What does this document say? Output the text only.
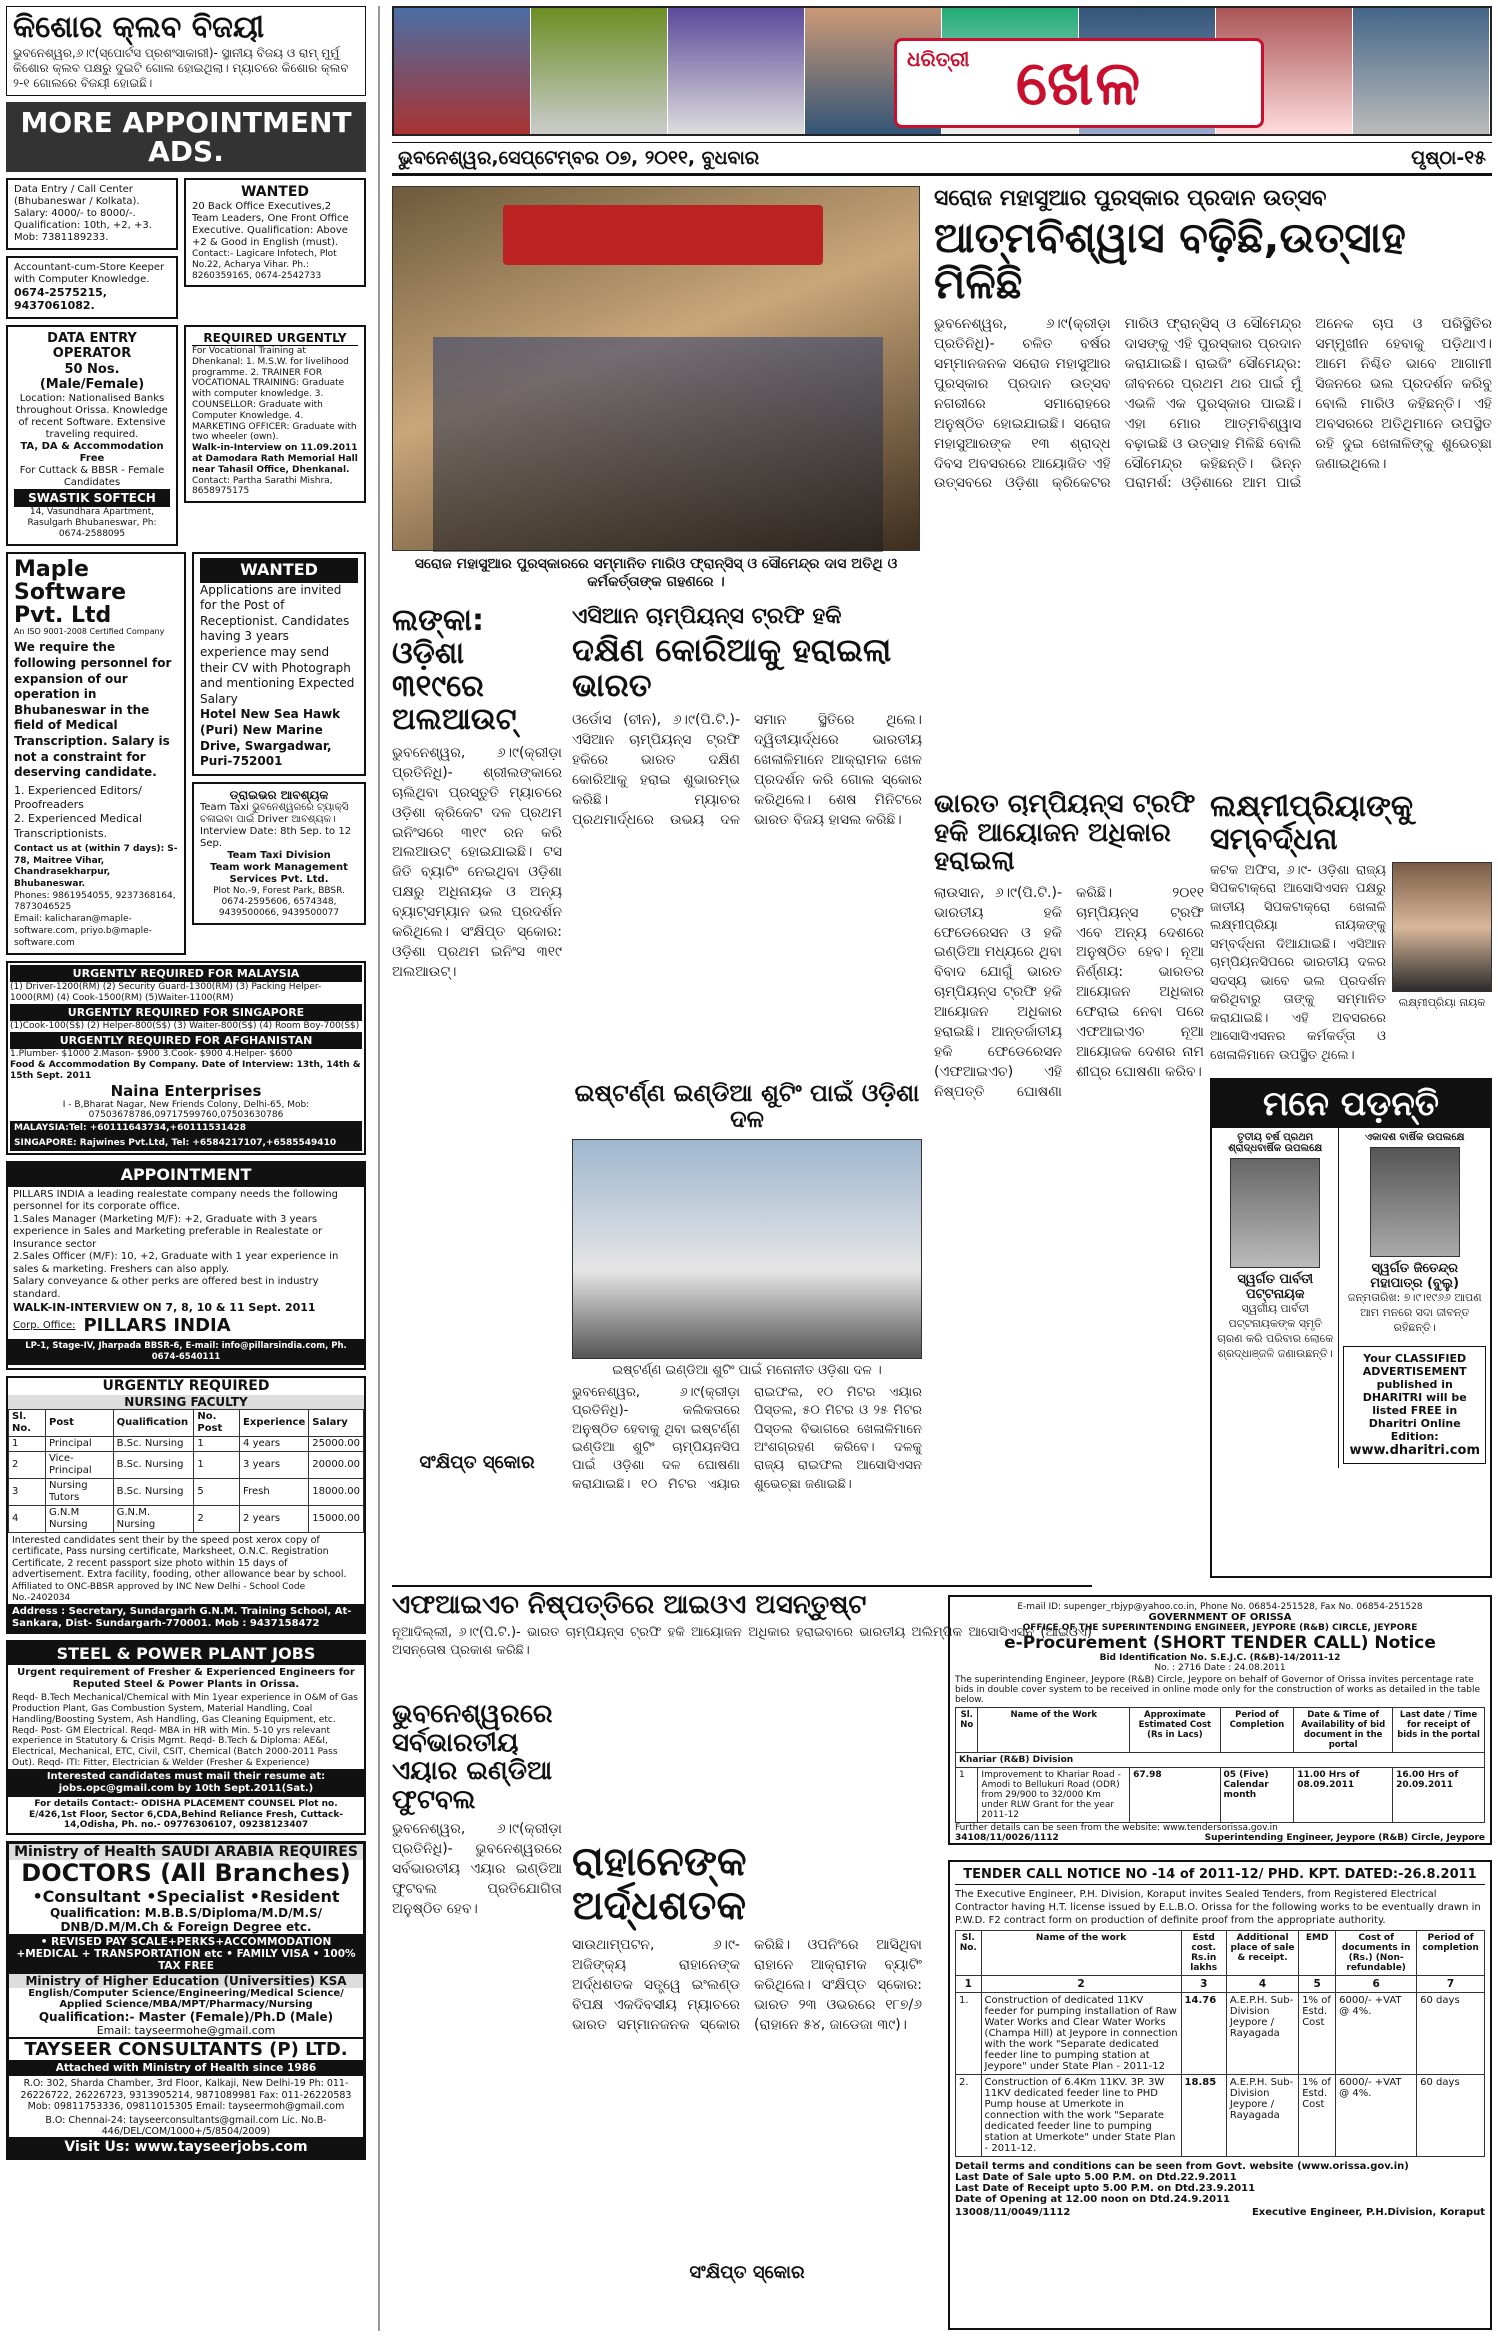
କିଶୋର କ୍ଲବ ବିଜୟୀ
ଭୁବନେଶ୍ୱର,୬।୯(ସ୍ପୋର୍ଟସ ପ୍ରଶଂସାକାରୀ)- ସ୍ଥାନୀୟ ବିଜୟ ଓ ରାମ୍ ମୁର୍ମୁ କିଶୋର କ୍ଲବ ପକ୍ଷରୁ ଦୁଇଟି ଗୋଲ ହୋଇଥିଲା। ମ୍ୟାଚରେ କିଶୋର କ୍ଲବ ୨-୧ ଗୋଲରେ ବିଜୟୀ ହୋଇଛି।
MORE APPOINTMENT ADS.
Data Entry / Call Center (Bhubaneswar / Kolkata). Salary: 4000/- to 8000/-. Qualification: 10th, +2, +3. Mob: 7381189233.
Accountant-cum-Store Keeper with Computer Knowledge.
0674-2575215, 9437061082.
WANTED
20 Back Office Executives,2 Team Leaders, One Front Office Executive. Qualification: Above +2 & Good in English (must).
Contact:- Lagicare Infotech, Plot No.22, Acharya Vihar. Ph.: 8260359165, 0674-2542733
DATA ENTRY OPERATOR
50 Nos. (Male/Female)
Location: Nationalised Banks throughout Orissa. Knowledge of recent Software. Extensive traveling required.
TA, DA & Accommodation Free
For Cuttack & BBSR - Female Candidates
SWASTIK SOFTECH
14, Vasundhara Apartment, Rasulgarh Bhubaneswar, Ph: 0674-2588095
REQUIRED URGENTLY
For Vocational Training at Dhenkanal: 1. M.S.W. for livelihood programme. 2. TRAINER FOR VOCATIONAL TRAINING: Graduate with computer knowledge. 3. COUNSELLOR: Graduate with Computer Knowledge. 4. MARKETING OFFICER: Graduate with two wheeler (own).
Walk-in-Interview on 11.09.2011 at Damodara Rath Memorial Hall near Tahasil Office, Dhenkanal.
Contact: Partha Sarathi Mishra, 8658975175
Maple Software Pvt. Ltd
An ISO 9001-2008 Certified Company
We require the following personnel for expansion of our operation in Bhubaneswar in the field of Medical Transcription. Salary is not a constraint for deserving candidate.
1. Experienced Editors/ Proofreaders
2. Experienced Medical Transcriptionists.
Contact us at (within 7 days): S-78, Maitree Vihar, Chandrasekharpur, Bhubaneswar.
Phones: 9861954055, 9237368164, 7873046525
Email: kalicharan@maple-software.com, priyo.b@maple-software.com
WANTED
Applications are invited for the Post of Receptionist. Candidates having 3 years experience may send their CV with Photograph and mentioning Expected Salary
Hotel New Sea Hawk (Puri) New Marine Drive, Swargadwar, Puri-752001
ଡ୍ରାଇଭର ଆବଶ୍ୟକ
Team Taxi ଭୁବନେଶ୍ୱରରେ ଟ୍ୟାକ୍ସି ଚଳାଇବା ପାଇଁ Driver ଆବଶ୍ୟକ।
Interview Date: 8th Sep. to 12 Sep.
Team Taxi Division
Team work Management Services Pvt. Ltd.
Plot No.-9, Forest Park, BBSR. 0674-2595606, 6574348, 9439500066, 9439500077
URGENTLY REQUIRED FOR MALAYSIA
(1) Driver-1200(RM) (2) Security Guard-1300(RM) (3) Packing Helper-1000(RM) (4) Cook-1500(RM) (5)Waiter-1100(RM)
URGENTLY REQUIRED FOR SINGAPORE
(1)Cook-100(S$) (2) Helper-800(S$) (3) Waiter-800(S$) (4) Room Boy-700(S$)
URGENTLY REQUIRED FOR AFGHANISTAN
1.Plumber- $1000 2.Mason- $900 3.Cook- $900 4.Helper- $600
Food & Accommodation By Company. Date of Interview: 13th, 14th & 15th Sept. 2011
Naina Enterprises
I - B,Bharat Nagar, New Friends Colony, Delhi-65, Mob: 07503678786,09717599760,07503630786
MALAYSIA:Tel: +60111643734,+60111531428
SINGAPORE: Rajwines Pvt.Ltd, Tel: +6584217107,+6585549410
APPOINTMENT
PILLARS INDIA a leading realestate company needs the following personnel for its corporate office.
1.Sales Manager (Marketing M/F): +2, Graduate with 3 years experience in Sales and Marketing preferable in Realestate or Insurance sector
2.Sales Officer (M/F): 10, +2, Graduate with 1 year experience in sales & marketing. Freshers can also apply.
Salary conveyance & other perks are offered best in industry standard.
WALK-IN-INTERVIEW ON 7, 8, 10 & 11 Sept. 2011
Corp. Office: PILLARS INDIA
LP-1, Stage-IV, Jharpada BBSR-6, E-mail: info@pillarsindia.com, Ph. 0674-6540111
URGENTLY REQUIRED
NURSING FACULTY
Sl. No.	Post	Qualification	No. Post	Experience	Salary
1	Principal	B.Sc. Nursing	1	4 years	25000.00
2	Vice-Principal	B.Sc. Nursing	1	3 years	20000.00
3	Nursing Tutors	B.Sc. Nursing	5	Fresh	18000.00
4	G.N.M Nursing	G.N.M. Nursing	2	2 years	15000.00
Interested candidates sent their by the speed post xerox copy of certificate, Pass nursing certificate, Marksheet, O.N.C. Registration Certificate, 2 recent passport size photo within 15 days of advertisement. Extra facility, fooding, other allowance bear by school.
Affiliated to ONC-BBSR approved by INC New Delhi - School Code No.-2402034
Address : Secretary, Sundargarh G.N.M. Training School, At- Sankara, Dist- Sundargarh-770001. Mob : 9437158472
STEEL & POWER PLANT JOBS
Urgent requirement of Fresher & Experienced Engineers for Reputed Steel & Power Plants in Orissa.
Reqd- B.Tech Mechanical/Chemical with Min 1year experience in O&M of Gas Production Plant, Gas Combustion System, Material Handling, Coal Handling/Boosting System, Ash Handling, Gas Cleaning Equipment, etc. Reqd- Post- GM Electrical. Reqd- MBA in HR with Min. 5-10 yrs relevant experience in Statutory & Crisis Mgmt. Reqd- B.Tech & Diploma: AE&I, Electrical, Mechanical, ETC, Civil, CSIT, Chemical (Batch 2000-2011 Pass Out). Reqd- ITI: Fitter, Electrician & Welder (Fresher & Experience)
Interested candidates must mail their resume at: jobs.opc@gmail.com by 10th Sept.2011(Sat.)
For details Contact:- ODISHA PLACEMENT COUNSEL Plot no. E/426,1st Floor, Sector 6,CDA,Behind Reliance Fresh, Cuttack-14,Odisha, Ph. no.- 09776306107, 09238123407
Ministry of Health SAUDI ARABIA REQUIRES
DOCTORS (All Branches)
•Consultant •Specialist •Resident
Qualification: M.B.B.S/Diploma/M.D/M.S/ DNB/D.M/M.Ch & Foreign Degree etc.
• REVISED PAY SCALE+PERKS+ACCOMMODATION +MEDICAL + TRANSPORTATION etc • FAMILY VISA • 100% TAX FREE
Ministry of Higher Education (Universities) KSA
English/Computer Science/Engineering/Medical Science/ Applied Science/MBA/MPT/Pharmacy/Nursing
Qualification:- Master (Female)/Ph.D (Male)
Email: tayseermohe@gmail.com
TAYSEER CONSULTANTS (P) LTD.
Attached with Ministry of Health since 1986
R.O: 302, Sharda Chamber, 3rd Floor, Kalkaji, New Delhi-19 Ph: 011-26226722, 26226723, 9313905214, 9871089981 Fax: 011-26220583 Mob: 09811753336, 09811015305 Email: tayseermoh@gmail.com
B.O: Chennai-24: tayseerconsultants@gmail.com Lic. No.B-446/DEL/COM/1000+/5/8504/2009)
Visit Us: www.tayseerjobs.com
ଧରିତ୍ରୀ ଖେଳ
ଭୁବନେଶ୍ୱର,ସେପ୍ଟେମ୍ବର ୦୭, ୨୦୧୧, ବୁଧବାର	ପୃଷ୍ଠା-୧୫
ସରୋଜ ମହାସୁଆର ପୁରସ୍କାରରେ ସମ୍ମାନିତ ମାରିଓ ଫ୍ରାନ୍ସିସ୍ ଓ ସୌମେନ୍ଦ୍ର ଦାସ ଅତିଥି ଓ କର୍ମକର୍ତ୍ତାଙ୍କ ଗହଣରେ ।
ସରୋଜ ମହାସୁଆର ପୁରସ୍କାର ପ୍ରଦାନ ଉତ୍ସବ
ଆତ୍ମବିଶ୍ୱାସ ବଢ଼ିଛି,ଉତ୍ସାହ ମିଳିଛି
ଭୁବନେଶ୍ୱର, ୬।୯(କ୍ରୀଡ଼ା ପ୍ରତିନିଧି)- ଚଳିତ ବର୍ଷର ସମ୍ମାନଜନକ ସରୋଜ ମହାସୁଆର ପୁରସ୍କାର ପ୍ରଦାନ ଉତ୍ସବ ନଗରୀରେ ସମାରୋହରେ ଅନୁଷ୍ଠିତ ହୋଇଯାଇଛି। ସରୋଜ ମହାସୁଆରଙ୍କ ୧୩ ଶ୍ରାଦ୍ଧ ଦିବସ ଅବସରରେ ଆୟୋଜିତ ଏହି ଉତ୍ସବରେ ଓଡ଼ିଶା କ୍ରିକେଟର ମାରିଓ ଫ୍ରାନ୍ସିସ୍ ଓ ସୌମେନ୍ଦ୍ର ଦାସଙ୍କୁ ଏହି ପୁରସ୍କାର ପ୍ରଦାନ କରାଯାଇଛି। ରାଇଜିଂ ସୌମେନ୍ଦ୍ର: ଜୀବନରେ ପ୍ରଥମ ଥର ପାଇଁ ମୁଁ ଏଭଳି ଏକ ପୁରସ୍କାର ପାଇଛି। ଏହା ମୋର ଆତ୍ମବିଶ୍ୱାସ ବଢ଼ାଇଛି ଓ ଉତ୍ସାହ ମିଳିଛି ବୋଲି ସୌମେନ୍ଦ୍ର କହିଛନ୍ତି। ଭିନ୍ନ ପରାମର୍ଶ: ଓଡ଼ିଶାରେ ଆମ ପାଇଁ ଅନେକ ଚାପ ଓ ପରିସ୍ଥିତିର ସମ୍ମୁଖୀନ ହେବାକୁ ପଡ଼ିଥାଏ। ଆମେ ନିଶ୍ଚିତ ଭାବେ ଆଗାମୀ ସିଜନରେ ଭଲ ପ୍ରଦର୍ଶନ କରିବୁ ବୋଲି ମାରିଓ କହିଛନ୍ତି। ଏହି ଅବସରରେ ଅତିଥିମାନେ ଉପସ୍ଥିତ ରହି ଦୁଇ ଖେଳାଳିଙ୍କୁ ଶୁଭେଚ୍ଛା ଜଣାଇଥିଲେ।
ଲଙ୍କା: ଓଡ଼ିଶା ୩୧୯ରେ ଅଲଆଉଟ୍
ଭୁବନେଶ୍ୱର, ୬।୯(କ୍ରୀଡ଼ା ପ୍ରତିନିଧି)- ଶ୍ରୀଲଙ୍କାରେ ଚାଲିଥିବା ପ୍ରସ୍ତୁତି ମ୍ୟାଚରେ ଓଡ଼ିଶା କ୍ରିକେଟ ଦଳ ପ୍ରଥମ ଇନିଂସରେ ୩୧୯ ରନ କରି ଅଲଆଉଟ୍ ହୋଇଯାଇଛି। ଟସ ଜିତି ବ୍ୟାଟିଂ ନେଇଥିବା ଓଡ଼ିଶା ପକ୍ଷରୁ ଅଧିନାୟକ ଓ ଅନ୍ୟ ବ୍ୟାଟ୍ସମ୍ୟାନ ଭଲ ପ୍ରଦର୍ଶନ କରିଥିଲେ। ସଂକ୍ଷିପ୍ତ ସ୍କୋର: ଓଡ଼ିଶା ପ୍ରଥମ ଇନିଂସ ୩୧୯ ଅଲଆଉଟ୍।
ସଂକ୍ଷିପ୍ତ ସ୍କୋର
ଏସିଆନ ଚାମ୍ପିୟନ୍ସ ଟ୍ରଫି ହକି
ଦକ୍ଷିଣ କୋରିଆକୁ ହରାଇଲା ଭାରତ
ଓର୍ଡୋସ (ଚୀନ), ୬।୯(ପି.ଟି.)- ଏସିଆନ ଚାମ୍ପିୟନ୍ସ ଟ୍ରଫି ହକିରେ ଭାରତ ଦକ୍ଷିଣ କୋରିଆକୁ ହରାଇ ଶୁଭାରମ୍ଭ କରିଛି। ମ୍ୟାଚର ପ୍ରଥମାର୍ଦ୍ଧରେ ଉଭୟ ଦଳ ସମାନ ସ୍ଥିତିରେ ଥିଲେ। ଦ୍ୱିତୀୟାର୍ଦ୍ଧରେ ଭାରତୀୟ ଖେଳାଳିମାନେ ଆକ୍ରାମକ ଖେଳ ପ୍ରଦର୍ଶନ କରି ଗୋଲ ସ୍କୋର କରିଥିଲେ। ଶେଷ ମିନିଟରେ ଭାରତ ବିଜୟ ହାସଲ କରିଛି।
ଇଷ୍ଟର୍ଣ୍ଣ ଇଣ୍ଡିଆ ଶୁଟିଂ ପାଇଁ ଓଡ଼ିଶା ଦଳ
ଇଷ୍ଟର୍ଣ୍ଣ ଇଣ୍ଡିଆ ଶୁଟିଂ ପାଇଁ ମନୋନୀତ ଓଡ଼ିଶା ଦଳ ।
ଭୁବନେଶ୍ୱର, ୬।୯(କ୍ରୀଡ଼ା ପ୍ରତିନିଧି)- କଲିକତାରେ ଅନୁଷ୍ଠିତ ହେବାକୁ ଥିବା ଇଷ୍ଟର୍ଣ୍ଣ ଇଣ୍ଡିଆ ଶୁଟିଂ ଚାମ୍ପିୟନସିପ ପାଇଁ ଓଡ଼ିଶା ଦଳ ଘୋଷଣା କରାଯାଇଛି। ୧୦ ମିଟର ଏୟାର ରାଇଫଲ, ୧୦ ମିଟର ଏୟାର ପିସ୍ତଲ, ୫୦ ମିଟର ଓ ୨୫ ମିଟର ପିସ୍ତଲ ବିଭାଗରେ ଖେଳାଳିମାନେ ଅଂଶଗ୍ରହଣ କରିବେ। ଦଳକୁ ରାଜ୍ୟ ରାଇଫଲ ଆସୋସିଏସନ ଶୁଭେଚ୍ଛା ଜଣାଇଛି।
ଭାରତ ଚାମ୍ପିୟନ୍ସ ଟ୍ରଫି ହକି ଆୟୋଜନ ଅଧିକାର ହରାଇଲା
ଲାଉସାନ, ୬।୯(ପି.ଟି.)- ଭାରତୀୟ ହକି ଫେଡେରେସନ ଓ ହକି ଇଣ୍ଡିଆ ମଧ୍ୟରେ ଥିବା ବିବାଦ ଯୋଗୁଁ ଭାରତ ଚାମ୍ପିୟନ୍ସ ଟ୍ରଫି ହକି ଆୟୋଜନ ଅଧିକାର ହରାଇଛି। ଆନ୍ତର୍ଜାତୀୟ ହକି ଫେଡେରେସନ (ଏଫଆଇଏଚ) ଏହି ନିଷ୍ପତ୍ତି ଘୋଷଣା କରିଛି। ୨୦୧୧ ଚାମ୍ପିୟନ୍ସ ଟ୍ରଫି ଏବେ ଅନ୍ୟ ଦେଶରେ ଅନୁଷ୍ଠିତ ହେବ। ନୂଆ ନିର୍ଣ୍ଣୟ: ଭାରତର ଆୟୋଜନ ଅଧିକାର ଫେରାଇ ନେବା ପରେ ଏଫଆଇଏଚ ନୂଆ ଆୟୋଜକ ଦେଶର ନାମ ଶୀଘ୍ର ଘୋଷଣା କରିବ।
ଲକ୍ଷ୍ମୀପ୍ରିୟାଙ୍କୁ ସମ୍ବର୍ଦ୍ଧନା
କଟକ ଅଫିସ, ୬।୯- ଓଡ଼ିଶା ରାଜ୍ୟ ସିପକଟାକ୍ରୋ ଆସୋସିଏସନ ପକ୍ଷରୁ ଜାତୀୟ ସିପକଟାକ୍ରୋ ଖେଳାଳି ଲକ୍ଷ୍ମୀପ୍ରିୟା ନାୟକଙ୍କୁ ସମ୍ବର୍ଦ୍ଧନା ଦିଆଯାଇଛି। ଏସିଆନ ଚାମ୍ପିୟନସିପରେ ଭାରତୀୟ ଦଳର ସଦସ୍ୟ ଭାବେ ଭଲ ପ୍ରଦର୍ଶନ କରିଥିବାରୁ ତାଙ୍କୁ ସମ୍ମାନିତ କରାଯାଇଛି। ଏହି ଅବସରରେ ଆସୋସିଏସନର କର୍ମକର୍ତ୍ତା ଓ ଖେଳାଳିମାନେ ଉପସ୍ଥିତ ଥିଲେ।
ଲକ୍ଷ୍ମୀପ୍ରିୟା ନାୟକ
ମନେ ପଡ଼ନ୍ତି
ତୃତୀୟ ବର୍ଷ ପ୍ରଥମ ଶ୍ରାଦ୍ଧବାର୍ଷିକ ଉପଲକ୍ଷେ
ସ୍ୱର୍ଗତ ପାର୍ବତୀ ପଟ୍ଟନାୟକ
ସ୍ୱର୍ଗୀୟ ପାର୍ବତୀ ପଟ୍ଟନାୟକଙ୍କ ସ୍ମୃତି ଚାରଣ କରି ପରିବାର ଲୋକେ ଶ୍ରଦ୍ଧାଞ୍ଜଳି ଜଣାଉଛନ୍ତି।
ଏକାଦଶ ବାର୍ଷିକ ଉପଲକ୍ଷେ
ସ୍ୱର୍ଗତ ଜିତେନ୍ଦ୍ର ମହାପାତ୍ର (ବୁଲୁ)
ଜନ୍ମତାରିଖ: ୭।୯।୧୯୬୬ ଆପଣ ଆମ ମନରେ ସଦା ଜୀବନ୍ତ ରହିଛନ୍ତି।
Your CLASSIFIED ADVERTISEMENT published in DHARITRI will be listed FREE in Dharitri Online Edition:
www.dharitri.com
ଏଫଆଇଏଚ ନିଷ୍ପତ୍ତିରେ ଆଇଓଏ ଅସନ୍ତୁଷ୍ଟ
ନୂଆଦିଲ୍ଲୀ, ୬।୯(ପି.ଟି.)- ଭାରତ ଚାମ୍ପିୟନ୍ସ ଟ୍ରଫି ହକି ଆୟୋଜନ ଅଧିକାର ହରାଇବାରେ ଭାରତୀୟ ଅଲିମ୍ପିକ ଆସୋସିଏସନ (ଆଇଓଏ) ଅସନ୍ତୋଷ ପ୍ରକାଶ କରିଛି।
ଭୁବନେଶ୍ୱରରେ ସର୍ବଭାରତୀୟ ଏୟାର ଇଣ୍ଡିଆ ଫୁଟବଲ
ଭୁବନେଶ୍ୱର, ୬।୯(କ୍ରୀଡ଼ା ପ୍ରତିନିଧି)- ଭୁବନେଶ୍ୱରରେ ସର୍ବଭାରତୀୟ ଏୟାର ଇଣ୍ଡିଆ ଫୁଟବଲ ପ୍ରତିଯୋଗିତା ଅନୁଷ୍ଠିତ ହେବ।
ରାହାନେଙ୍କ ଅର୍ଦ୍ଧଶତକ
ସାଉଥାମ୍ପଟନ, ୬।୯- ଅଜିଙ୍କ୍ୟ ରାହାନେଙ୍କ ଅର୍ଦ୍ଧଶତକ ସତ୍ତ୍ୱେ ଇଂଲଣ୍ଡ ବିପକ୍ଷ ଏକଦିବସୀୟ ମ୍ୟାଚରେ ଭାରତ ସମ୍ମାନଜନକ ସ୍କୋର କରିଛି। ଓପନିଂରେ ଆସିଥିବା ରାହାନେ ଆକ୍ରାମକ ବ୍ୟାଟିଂ କରିଥିଲେ। ସଂକ୍ଷିପ୍ତ ସ୍କୋର: ଭାରତ ୨୩ ଓଭରରେ ୧୮୭/୬ (ରାହାନେ ୫୪, ଜାଡେଜା ୩୯)।
ସଂକ୍ଷିପ୍ତ ସ୍କୋର
E-mail ID: supenger_rbjyp@yahoo.co.in, Phone No. 06854-251528, Fax No. 06854-251528
GOVERNMENT OF ORISSA
OFFICE OF THE SUPERINTENDING ENGINEER, JEYPORE (R&B) CIRCLE, JEYPORE
e-Procurement (SHORT TENDER CALL) Notice
Bid Identification No. S.E.J.C. (R&B)-14/2011-12
No. : 2716 Date : 24.08.2011
The superintending Engineer, Jeypore (R&B) Circle, Jeypore on behalf of Governor of Orissa invites percentage rate bids in double cover system to be received in online mode only for the construction of works as detailed in the table below.
Sl. No	Name of the Work	Approximate Estimated Cost (Rs in Lacs)	Period of Completion	Date & Time of Availability of bid document in the portal	Last date / Time for receipt of bids in the portal
Khariar (R&B) Division					
1	Improvement to Khariar Road - Amodi to Bellukuri Road (ODR) from 29/900 to 32/000 Km under RLW Grant for the year 2011-12	67.98	05 (Five) Calendar month	11.00 Hrs of 08.09.2011	16.00 Hrs of 20.09.2011
Further details can be seen from the website: www.tendersorissa.gov.in
34108/11/0026/1112	Superintending Engineer, Jeypore (R&B) Circle, Jeypore
TENDER CALL NOTICE NO -14 of 2011-12/ PHD. KPT. DATED:-26.8.2011
The Executive Engineer, P.H. Division, Koraput invites Sealed Tenders, from Registered Electrical Contractor having H.T. license issued by E.L.B.O. Orissa for the following works to be eventually drawn in P.W.D. F2 contract form on production of definite proof from the appropriate authority.
Sl. No.	Name of the work	Estd cost. Rs.in lakhs	Additional place of sale & receipt.	EMD	Cost of documents in (Rs.) (Non-refundable)	Period of completion
1	2	3	4	5	6	7
1.	Construction of dedicated 11KV feeder for pumping installation of Raw Water Works and Clear Water Works (Champa Hill) at Jeypore in connection with the work "Separate dedicated feeder line to pumping station at Jeypore" under State Plan - 2011-12	14.76	A.E.P.H. Sub-Division Jeypore / Rayagada	1% of Estd. Cost	6000/- +VAT @ 4%.	60 days
2.	Construction of 6.4Km 11KV. 3P. 3W 11KV dedicated feeder line to PHD Pump house at Umerkote in connection with the work "Separate dedicated feeder line to pumping station at Umerkote" under State Plan - 2011-12.	18.85	A.E.P.H. Sub-Division Jeypore / Rayagada	1% of Estd. Cost	6000/- +VAT @ 4%.	60 days
Detail terms and conditions can be seen from Govt. website (www.orissa.gov.in)
Last Date of Sale upto 5.00 P.M. on Dtd.22.9.2011
Last Date of Receipt upto 5.00 P.M. on Dtd.23.9.2011
Date of Opening at 12.00 noon on Dtd.24.9.2011
13008/11/0049/1112	Executive Engineer, P.H.Division, Koraput
